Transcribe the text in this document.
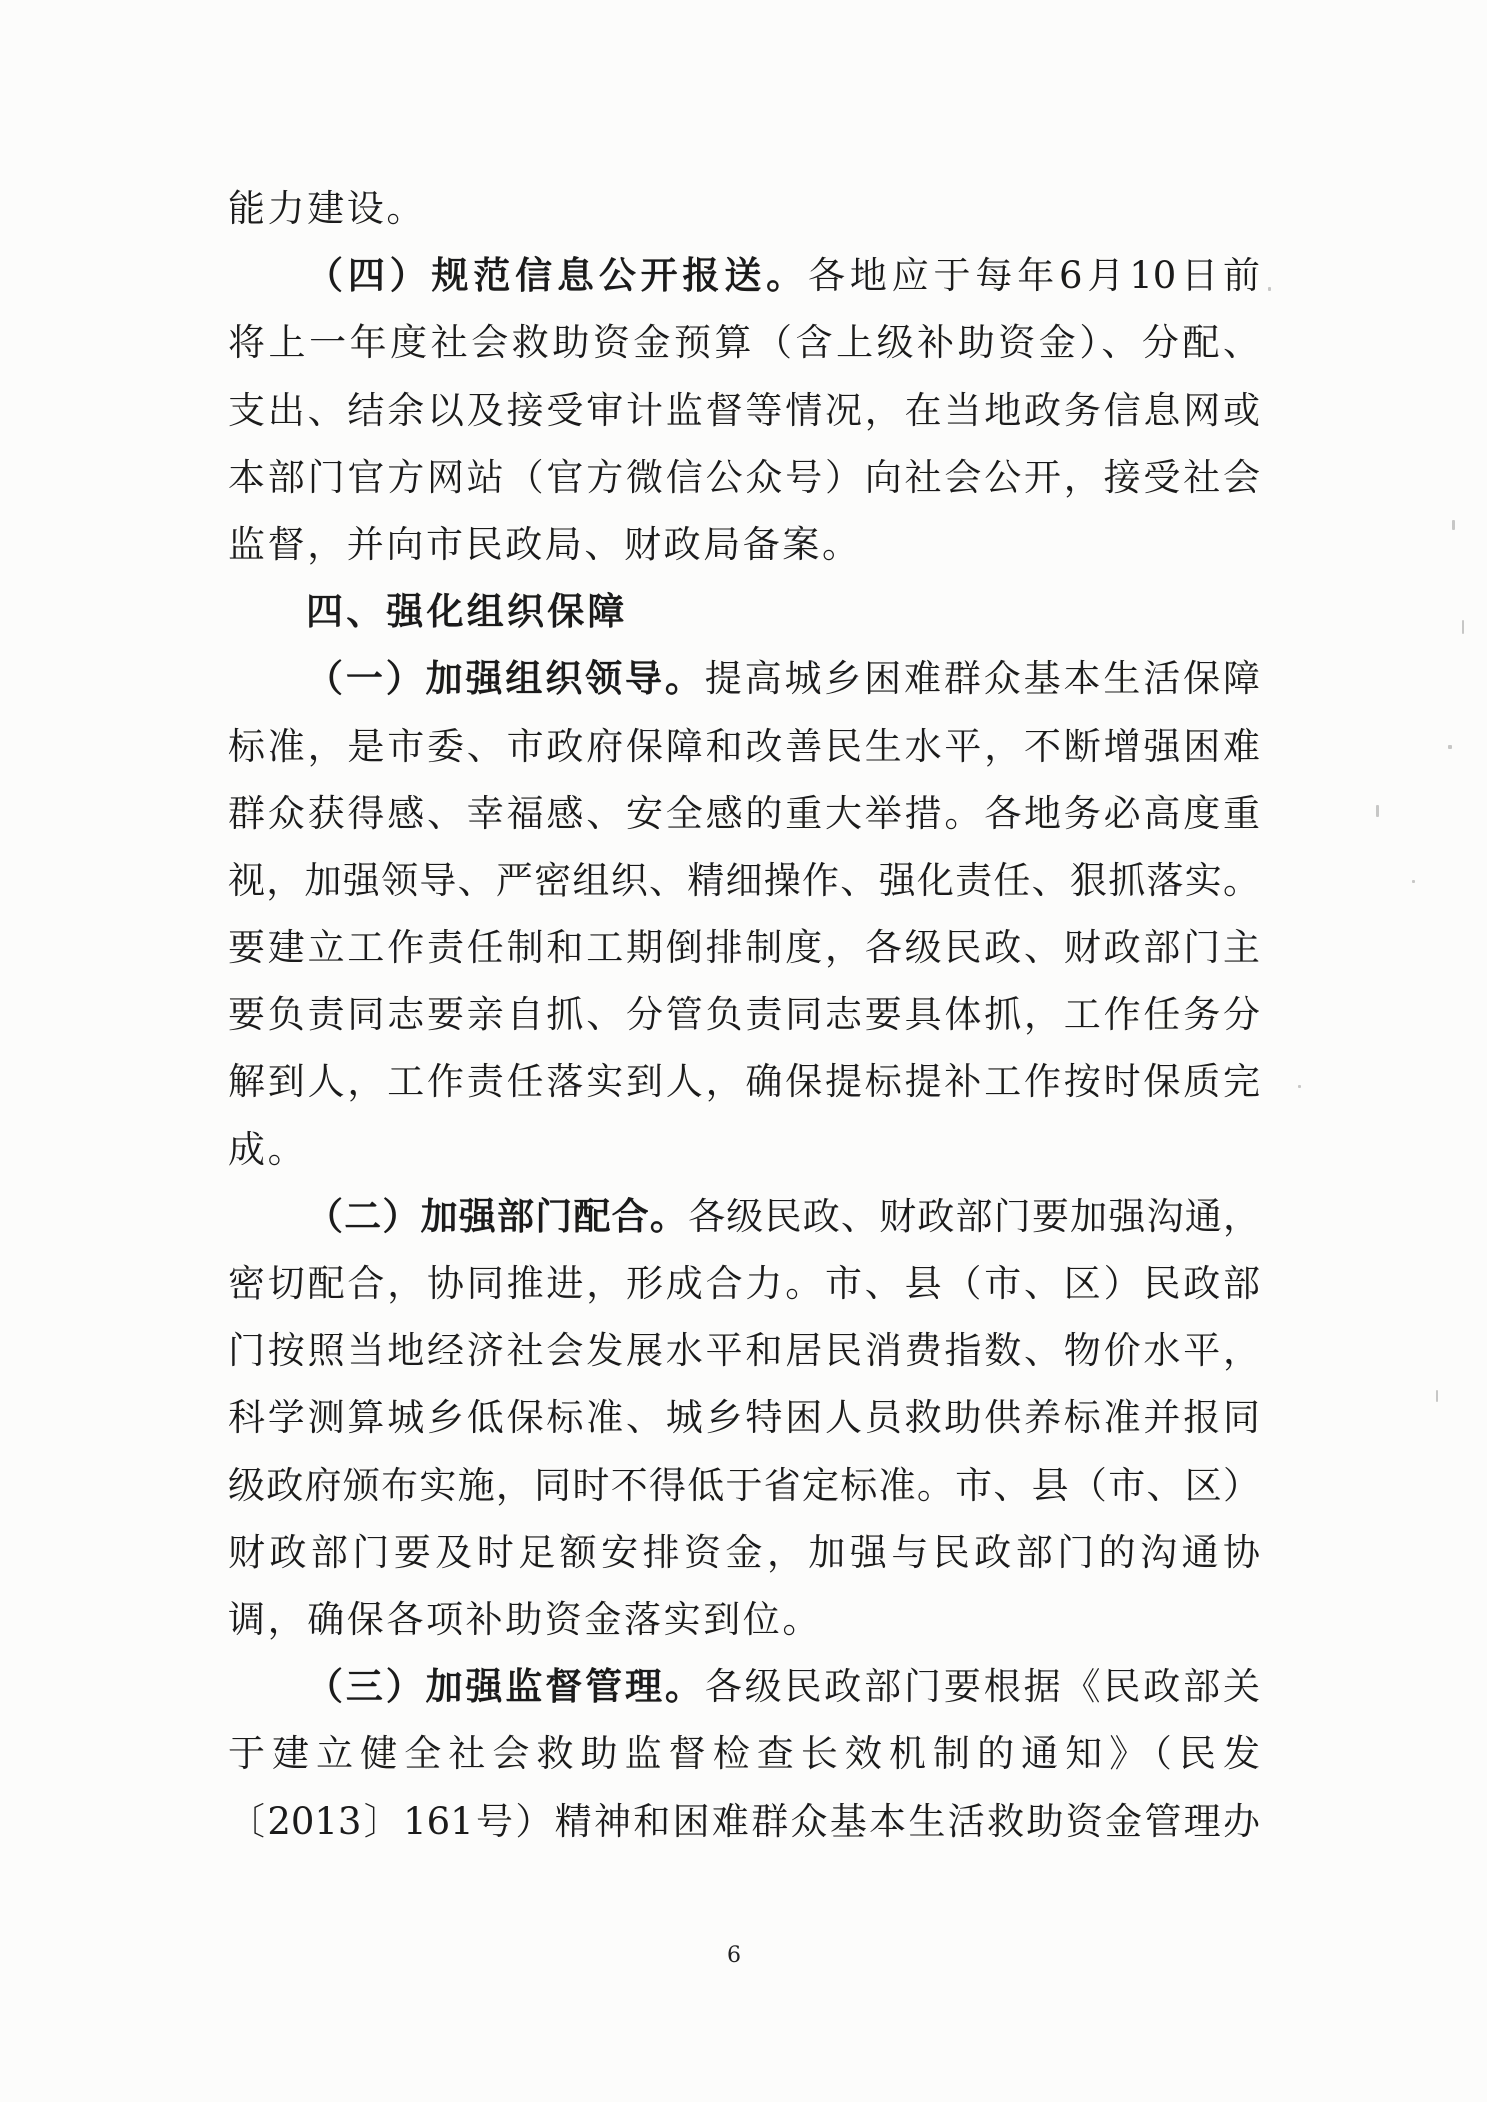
能力建设。
（四）规范信息公开报送。各地应于每年6月10日前
将上一年度社会救助资金预算（含上级补助资金）、分配、
支出、结余以及接受审计监督等情况，在当地政务信息网或
本部门官方网站（官方微信公众号）向社会公开，接受社会
监督，并向市民政局、财政局备案。
四、强化组织保障
（一）加强组织领导。提高城乡困难群众基本生活保障
标准，是市委、市政府保障和改善民生水平，不断增强困难
群众获得感、幸福感、安全感的重大举措。各地务必高度重
视，加强领导、严密组织、精细操作、强化责任、狠抓落实。
要建立工作责任制和工期倒排制度，各级民政、财政部门主
要负责同志要亲自抓、分管负责同志要具体抓，工作任务分
解到人，工作责任落实到人，确保提标提补工作按时保质完
成。
（二）加强部门配合。各级民政、财政部门要加强沟通，
密切配合，协同推进，形成合力。市、县（市、区）民政部
门按照当地经济社会发展水平和居民消费指数、物价水平，
科学测算城乡低保标准、城乡特困人员救助供养标准并报同
级政府颁布实施，同时不得低于省定标准。市、县（市、区）
财政部门要及时足额安排资金，加强与民政部门的沟通协
调，确保各项补助资金落实到位。
（三）加强监督管理。各级民政部门要根据《民政部关
于建立健全社会救助监督检查长效机制的通知》（民发
〔2013〕161号）精神和困难群众基本生活救助资金管理办
6
